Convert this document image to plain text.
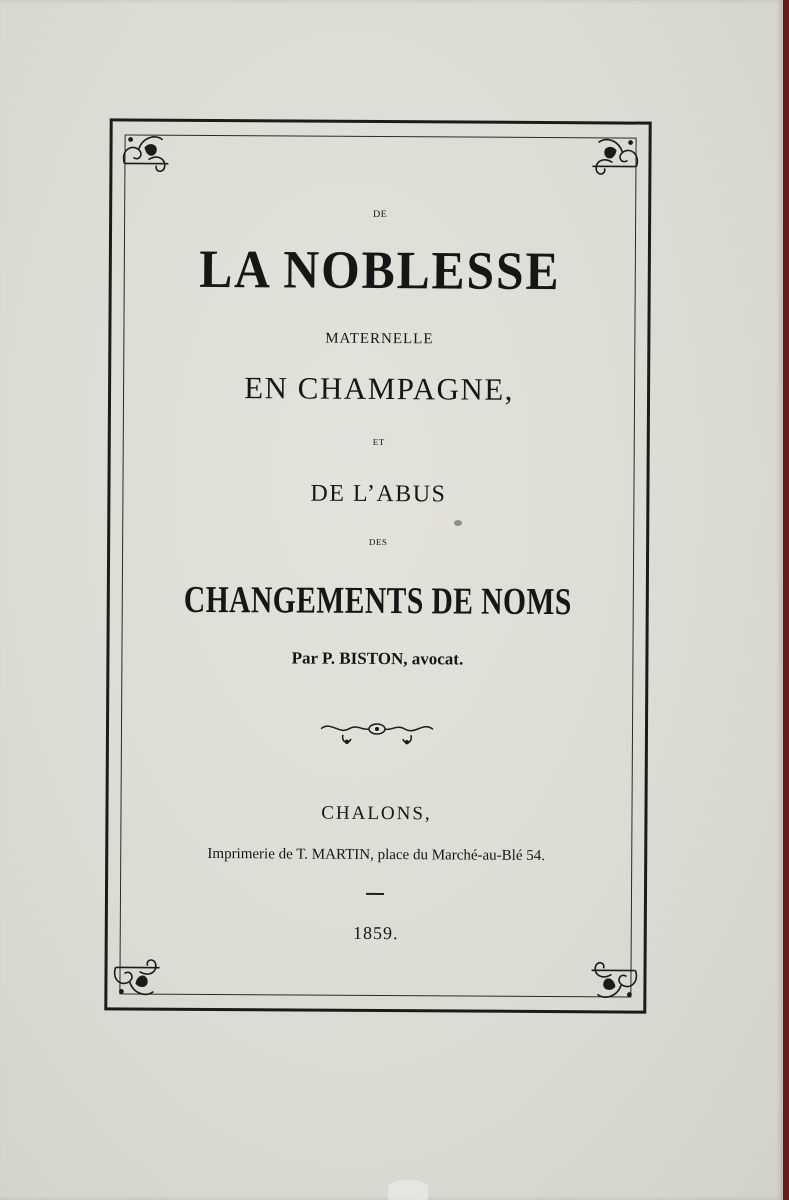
DE
LA NOBLESSE
MATERNELLE
EN CHAMPAGNE,
ET
DE L’ABUS
DES
CHANGEMENTS DE NOMS
Par P. BISTON, avocat.
CHALONS,
Imprimerie de T. MARTIN, place du Marché-au-Blé 54.
1859.
